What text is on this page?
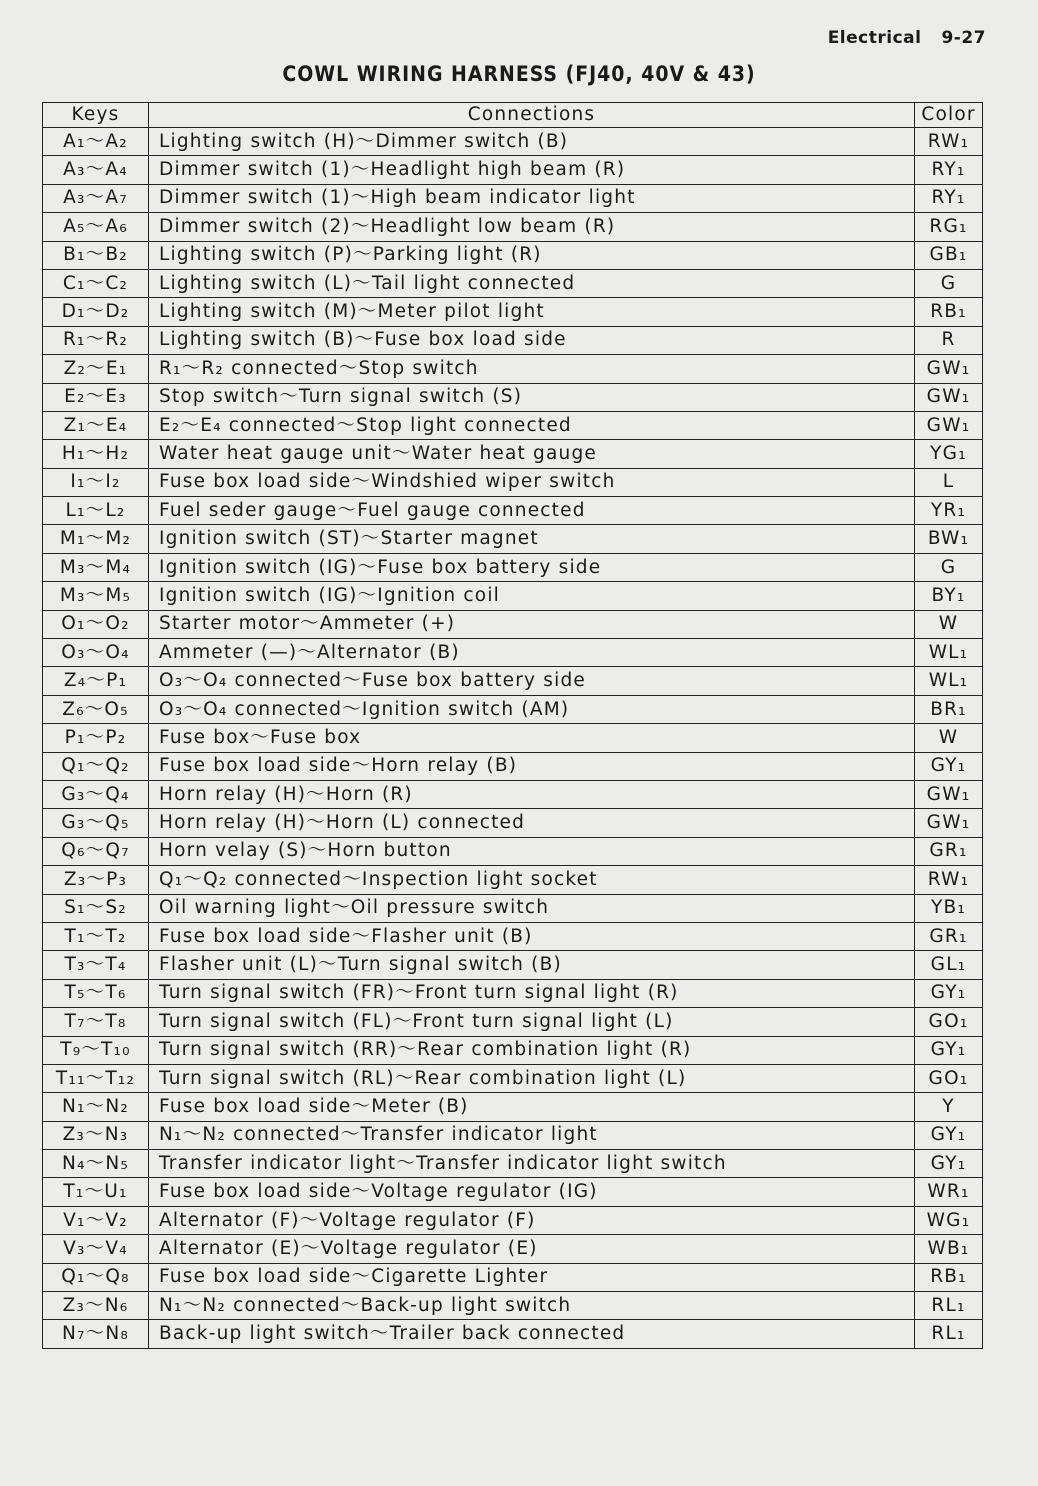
Electrical 9-27
COWL WIRING HARNESS (FJ40, 40V & 43)
Keys	Connections	Color
A₁～A₂	Lighting switch (H)～Dimmer switch (B)	RW₁
A₃～A₄	Dimmer switch (1)～Headlight high beam (R)	RY₁
A₃～A₇	Dimmer switch (1)～High beam indicator light	RY₁
A₅～A₆	Dimmer switch (2)～Headlight low beam (R)	RG₁
B₁～B₂	Lighting switch (P)～Parking light (R)	GB₁
C₁～C₂	Lighting switch (L)～Tail light connected	G
D₁～D₂	Lighting switch (M)～Meter pilot light	RB₁
R₁～R₂	Lighting switch (B)～Fuse box load side	R
Z₂～E₁	R₁～R₂ connected～Stop switch	GW₁
E₂～E₃	Stop switch～Turn signal switch (S)	GW₁
Z₁～E₄	E₂～E₄ connected～Stop light connected	GW₁
H₁～H₂	Water heat gauge unit～Water heat gauge	YG₁
I₁～I₂	Fuse box load side～Windshied wiper switch	L
L₁～L₂	Fuel seder gauge～Fuel gauge connected	YR₁
M₁～M₂	Ignition switch (ST)～Starter magnet	BW₁
M₃～M₄	Ignition switch (IG)～Fuse box battery side	G
M₃～M₅	Ignition switch (IG)～Ignition coil	BY₁
O₁～O₂	Starter motor～Ammeter (+)	W
O₃～O₄	Ammeter (—)～Alternator (B)	WL₁
Z₄～P₁	O₃～O₄ connected～Fuse box battery side	WL₁
Z₆～O₅	O₃～O₄ connected～Ignition switch (AM)	BR₁
P₁～P₂	Fuse box～Fuse box	W
Q₁～Q₂	Fuse box load side～Horn relay (B)	GY₁
G₃～Q₄	Horn relay (H)～Horn (R)	GW₁
G₃～Q₅	Horn relay (H)～Horn (L) connected	GW₁
Q₆～Q₇	Horn velay (S)～Horn button	GR₁
Z₃～P₃	Q₁～Q₂ connected～Inspection light socket	RW₁
S₁～S₂	Oil warning light～Oil pressure switch	YB₁
T₁～T₂	Fuse box load side～Flasher unit (B)	GR₁
T₃～T₄	Flasher unit (L)～Turn signal switch (B)	GL₁
T₅～T₆	Turn signal switch (FR)～Front turn signal light (R)	GY₁
T₇～T₈	Turn signal switch (FL)～Front turn signal light (L)	GO₁
T₉～T₁₀	Turn signal switch (RR)～Rear combination light (R)	GY₁
T₁₁～T₁₂	Turn signal switch (RL)～Rear combination light (L)	GO₁
N₁～N₂	Fuse box load side～Meter (B)	Y
Z₃～N₃	N₁～N₂ connected～Transfer indicator light	GY₁
N₄～N₅	Transfer indicator light～Transfer indicator light switch	GY₁
T₁～U₁	Fuse box load side～Voltage regulator (IG)	WR₁
V₁～V₂	Alternator (F)～Voltage regulator (F)	WG₁
V₃～V₄	Alternator (E)～Voltage regulator (E)	WB₁
Q₁～Q₈	Fuse box load side～Cigarette Lighter	RB₁
Z₃～N₆	N₁～N₂ connected～Back-up light switch	RL₁
N₇～N₈	Back-up light switch～Trailer back connected	RL₁
